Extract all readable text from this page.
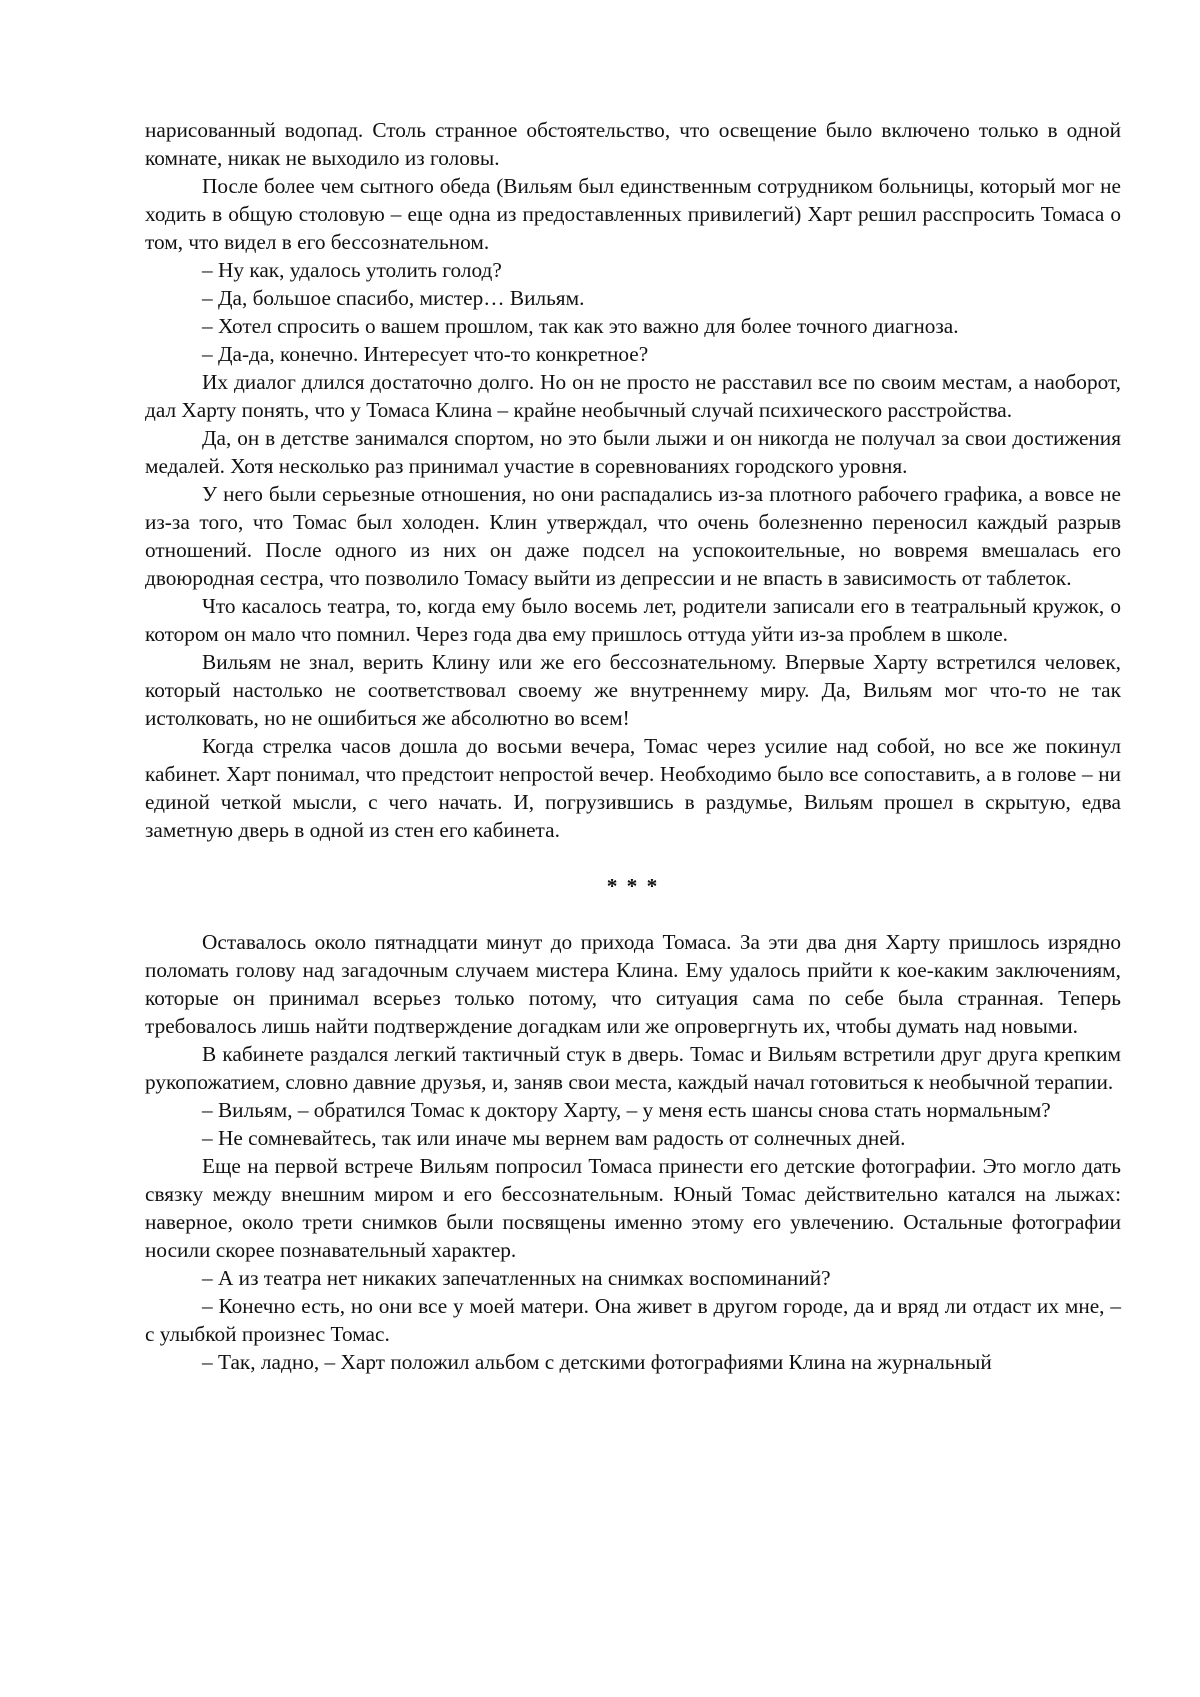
нарисованный водопад. Столь странное обстоятельство, что освещение было включено только в одной комнате, никак не выходило из головы.

После более чем сытного обеда (Вильям был единственным сотрудником больницы, который мог не ходить в общую столовую – еще одна из предоставленных привилегий) Харт решил расспросить Томаса о том, что видел в его бессознательном.

– Ну как, удалось утолить голод?

– Да, большое спасибо, мистер… Вильям.

– Хотел спросить о вашем прошлом, так как это важно для более точного диагноза.

– Да-да, конечно. Интересует что-то конкретное?

Их диалог длился достаточно долго. Но он не просто не расставил все по своим местам, а наоборот, дал Харту понять, что у Томаса Клина – крайне необычный случай психического расстройства.

Да, он в детстве занимался спортом, но это были лыжи и он никогда не получал за свои достижения медалей. Хотя несколько раз принимал участие в соревнованиях городского уровня.

У него были серьезные отношения, но они распадались из-за плотного рабочего графика, а вовсе не из-за того, что Томас был холоден. Клин утверждал, что очень болезненно переносил каждый разрыв отношений. После одного из них он даже подсел на успокоительные, но вовремя вмешалась его двоюродная сестра, что позволило Томасу выйти из депрессии и не впасть в зависимость от таблеток.

Что касалось театра, то, когда ему было восемь лет, родители записали его в театральный кружок, о котором он мало что помнил. Через года два ему пришлось оттуда уйти из-за проблем в школе.

Вильям не знал, верить Клину или же его бессознательному. Впервые Харту встретился человек, который настолько не соответствовал своему же внутреннему миру. Да, Вильям мог что-то не так истолковать, но не ошибиться же абсолютно во всем!

Когда стрелка часов дошла до восьми вечера, Томас через усилие над собой, но все же покинул кабинет. Харт понимал, что предстоит непростой вечер. Необходимо было все сопоставить, а в голове – ни единой четкой мысли, с чего начать. И, погрузившись в раздумье, Вильям прошел в скрытую, едва заметную дверь в одной из стен его кабинета.

* * *

Оставалось около пятнадцати минут до прихода Томаса. За эти два дня Харту пришлось изрядно поломать голову над загадочным случаем мистера Клина. Ему удалось прийти к кое-каким заключениям, которые он принимал всерьез только потому, что ситуация сама по себе была странная. Теперь требовалось лишь найти подтверждение догадкам или же опровергнуть их, чтобы думать над новыми.

В кабинете раздался легкий тактичный стук в дверь. Томас и Вильям встретили друг друга крепким рукопожатием, словно давние друзья, и, заняв свои места, каждый начал готовиться к необычной терапии.

– Вильям, – обратился Томас к доктору Харту, – у меня есть шансы снова стать нормальным?

– Не сомневайтесь, так или иначе мы вернем вам радость от солнечных дней.

Еще на первой встрече Вильям попросил Томаса принести его детские фотографии. Это могло дать связку между внешним миром и его бессознательным. Юный Томас действительно катался на лыжах: наверное, около трети снимков были посвящены именно этому его увлечению. Остальные фотографии носили скорее познавательный характер.

– А из театра нет никаких запечатленных на снимках воспоминаний?

– Конечно есть, но они все у моей матери. Она живет в другом городе, да и вряд ли отдаст их мне, – с улыбкой произнес Томас.

– Так, ладно, – Харт положил альбом с детскими фотографиями Клина на журнальный
